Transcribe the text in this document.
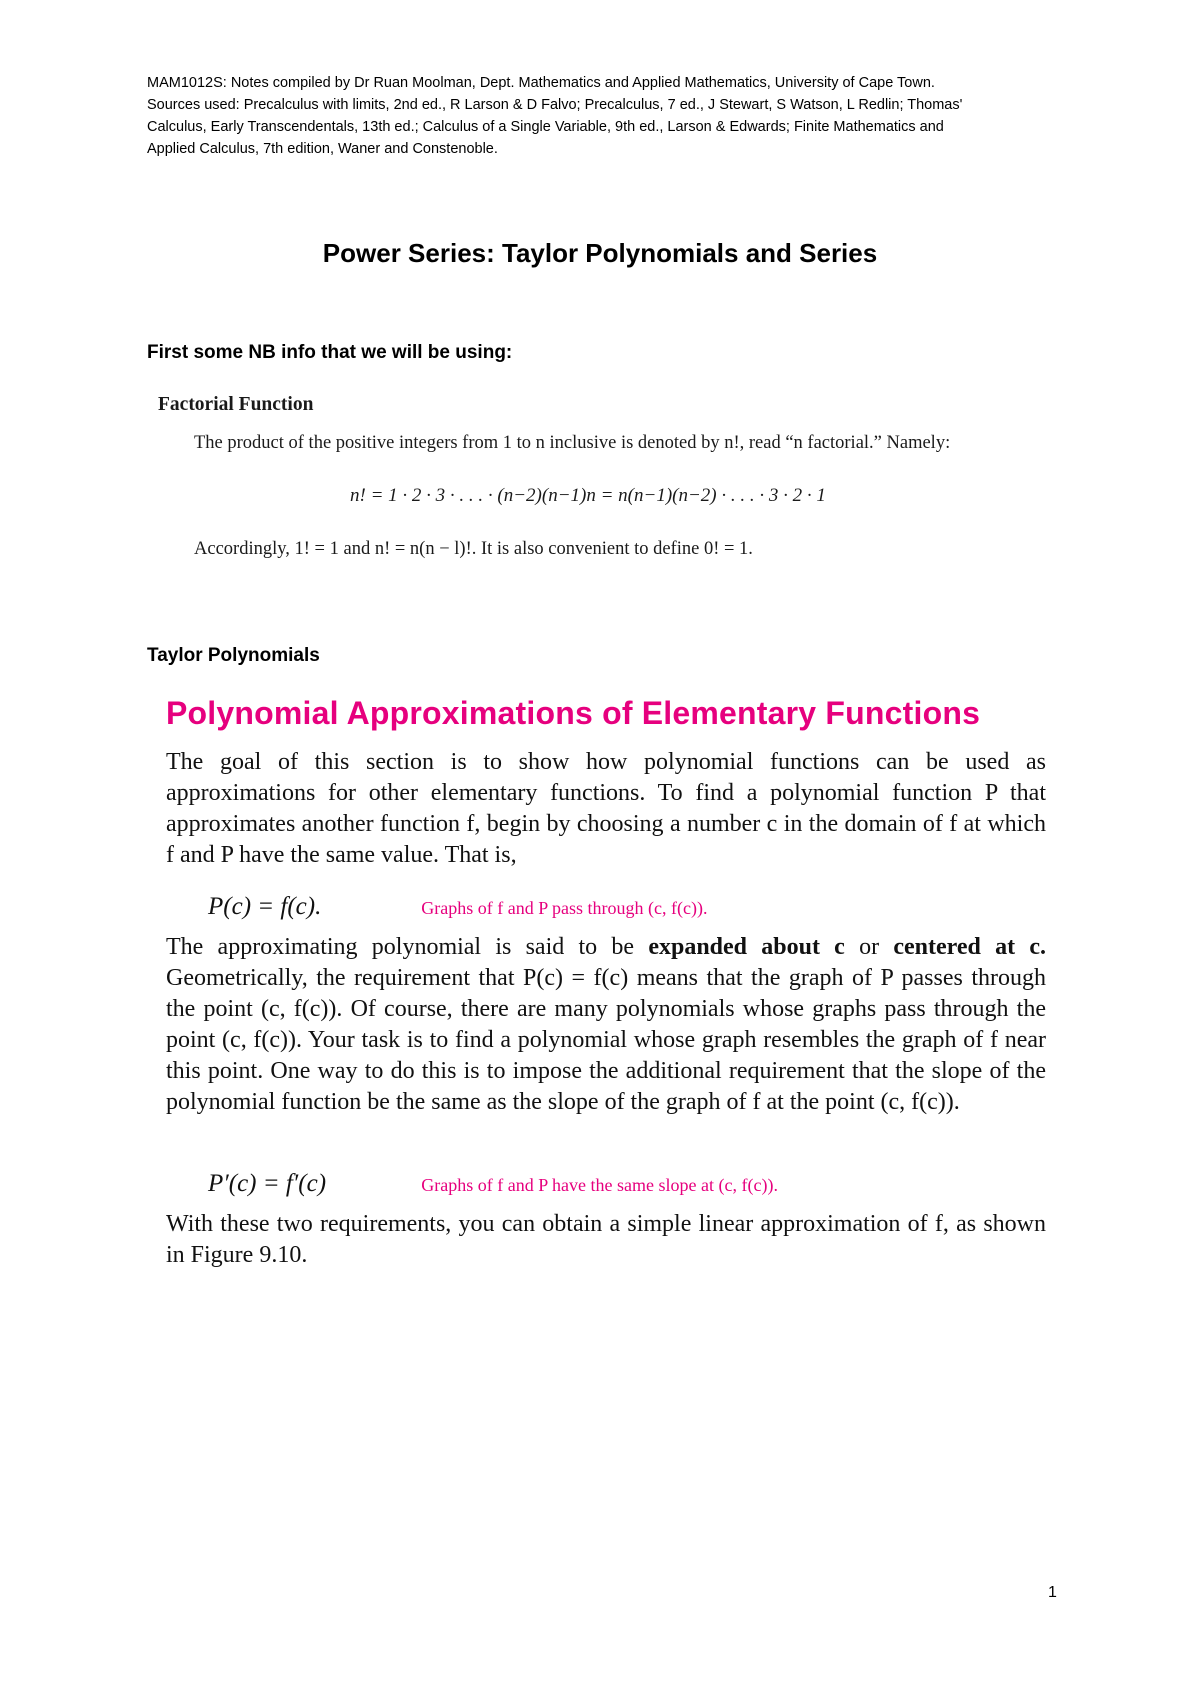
MAM1012S: Notes compiled by Dr Ruan Moolman, Dept. Mathematics and Applied Mathematics, University of Cape Town.

Sources used: Precalculus with limits, 2nd ed., R Larson & D Falvo; Precalculus, 7 ed., J Stewart, S Watson, L Redlin; Thomas'

Calculus, Early Transcendentals, 13th ed.; Calculus of a Single Variable, 9th ed., Larson & Edwards; Finite Mathematics and

Applied Calculus, 7th edition, Waner and Constenoble.

Power Series: Taylor Polynomials and Series
First some NB info that we will be using:
Factorial Function
The product of the positive integers from 1 to n inclusive is denoted by n!, read “n factorial.” Namely:
n! = 1 · 2 · 3 · . . . · (n−2)(n−1)n = n(n−1)(n−2) · . . . · 3 · 2 · 1
Accordingly, 1! = 1 and n! = n(n − l)!. It is also convenient to define 0! = 1.
Taylor Polynomials
Polynomial Approximations of Elementary Functions
The goal of this section is to show how polynomial functions can be used as approximations for other elementary functions. To find a polynomial function P that approximates another function f, begin by choosing a number c in the domain of f at which f and P have the same value. That is,
P(c) = f(c).	Graphs of f and P pass through (c, f(c)).
The approximating polynomial is said to be expanded about c or centered at c. Geometrically, the requirement that P(c) = f(c) means that the graph of P passes through the point (c, f(c)). Of course, there are many polynomials whose graphs pass through the point (c, f(c)). Your task is to find a polynomial whose graph resembles the graph of f near this point. One way to do this is to impose the additional requirement that the slope of the polynomial function be the same as the slope of the graph of f at the point (c, f(c)).
P′(c) = f′(c)	Graphs of f and P have the same slope at (c, f(c)).
With these two requirements, you can obtain a simple linear approximation of f, as shown in Figure 9.10.
1
